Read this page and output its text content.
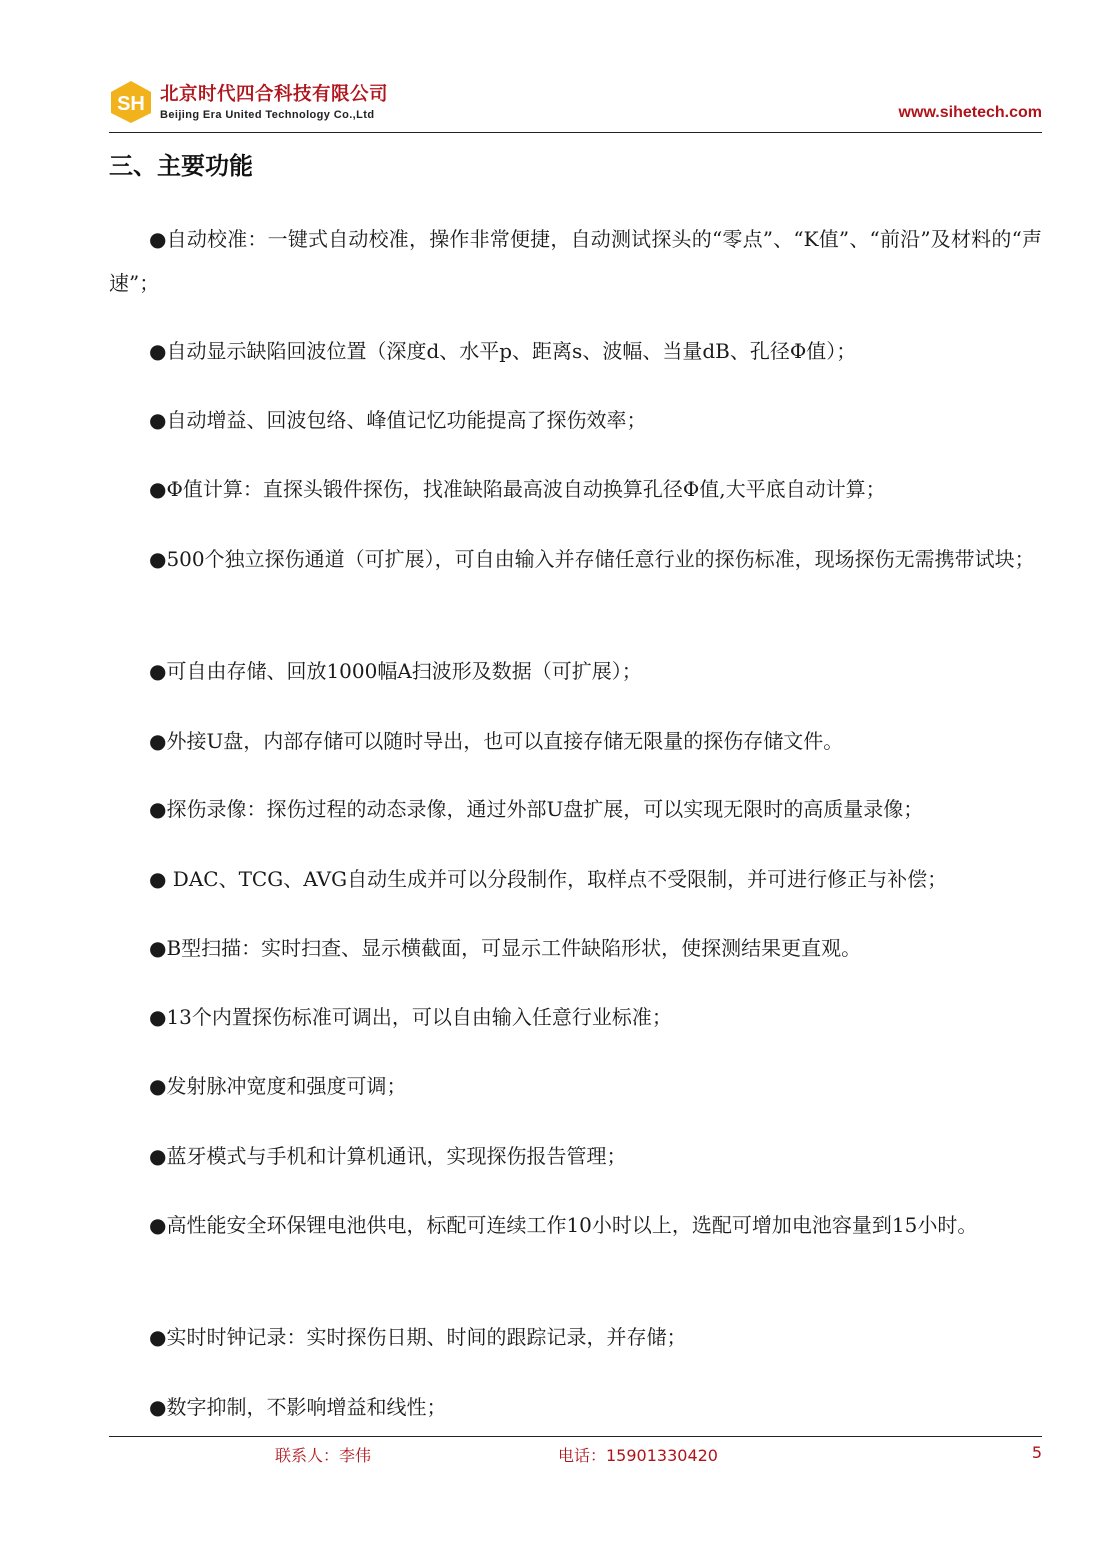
SH 北京时代四合科技有限公司
Beijing Era United Technology Co.,Ltd	www.sihetech.com
三、主要功能

●自动校准：一键式自动校准，操作非常便捷，自动测试探头的“零点”、“K值”、“前沿”及材料的“声速”；

●自动显示缺陷回波位置（深度d、水平p、距离s、波幅、当量dB、孔径Φ值）；

●自动增益、回波包络、峰值记忆功能提高了探伤效率；

●Φ值计算：直探头锻件探伤，找准缺陷最高波自动换算孔径Φ值,大平底自动计算；

●500个独立探伤通道（可扩展），可自由输入并存储任意行业的探伤标准，现场探伤无需携带试块；

●可自由存储、回放1000幅A扫波形及数据（可扩展）；

●外接U盘，内部存储可以随时导出，也可以直接存储无限量的探伤存储文件。

●探伤录像：探伤过程的动态录像，通过外部U盘扩展，可以实现无限时的高质量录像；

● DAC、TCG、AVG自动生成并可以分段制作，取样点不受限制，并可进行修正与补偿；

●B型扫描：实时扫查、显示横截面，可显示工件缺陷形状，使探测结果更直观。

●13个内置探伤标准可调出，可以自由输入任意行业标准；

●发射脉冲宽度和强度可调；

●蓝牙模式与手机和计算机通讯，实现探伤报告管理；

●高性能安全环保锂电池供电，标配可连续工作10小时以上，选配可增加电池容量到15小时。

●实时时钟记录：实时探伤日期、时间的跟踪记录，并存储；

●数字抑制，不影响增益和线性；

联系人：李伟	电话：15901330420	5
